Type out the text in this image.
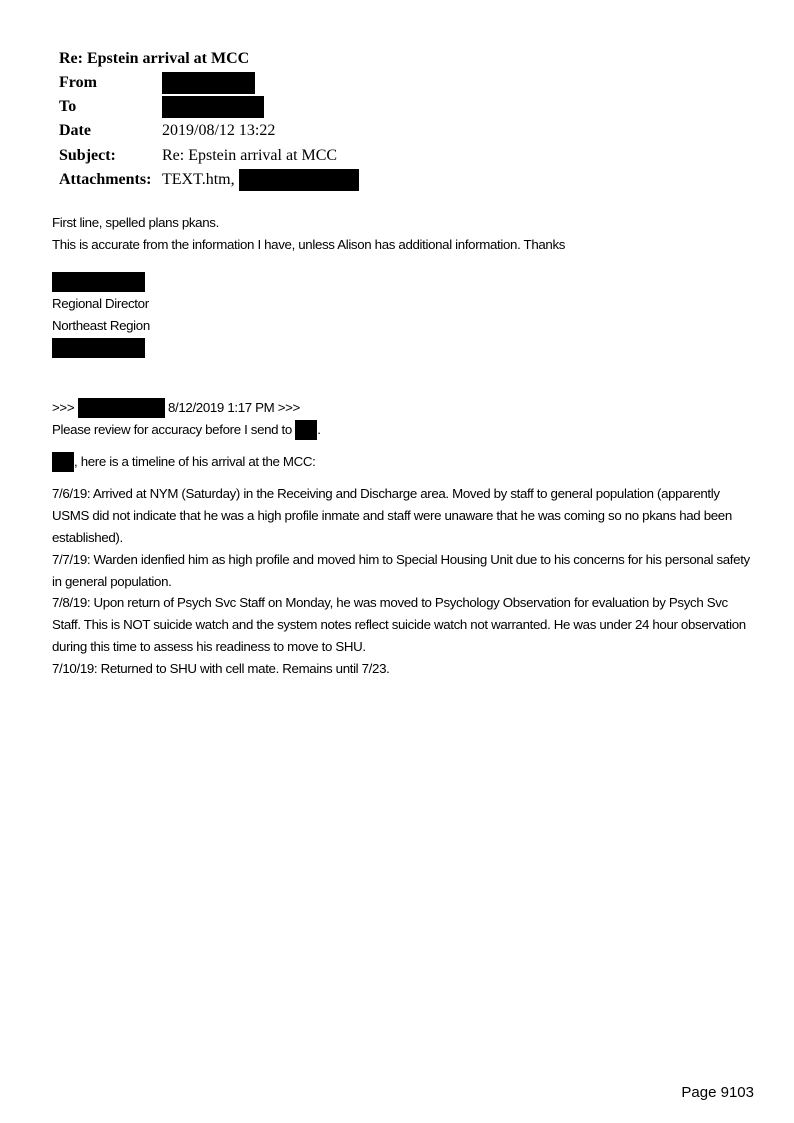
Re: Epstein arrival at MCC
From
To
Date	2019/08/12 13:22
Subject:	Re: Epstein arrival at MCC
Attachments: TEXT.htm,

First line, spelled plans pkans.

This is accurate from the information I have, unless Alison has additional information. Thanks

Regional Director

Northeast Region

>>>	8/12/2019 1:17 PM >>>

Please review for accuracy before I send to .

, here is a timeline of his arrival at the MCC:

7/6/19: Arrived at NYM (Saturday) in the Receiving and Discharge area. Moved by staff to general population (apparently USMS did not indicate that he was a high profile inmate and staff were unaware that he was coming so no pkans had been established).

7/7/19: Warden idenfied him as high profile and moved him to Special Housing Unit due to his concerns for his personal safety in general population.

7/8/19: Upon return of Psych Svc Staff on Monday, he was moved to Psychology Observation for evaluation by Psych Svc Staff. This is NOT suicide watch and the system notes reflect suicide watch not warranted. He was under 24 hour observation during this time to assess his readiness to move to SHU.

7/10/19: Returned to SHU with cell mate. Remains until 7/23.

Page 9103
